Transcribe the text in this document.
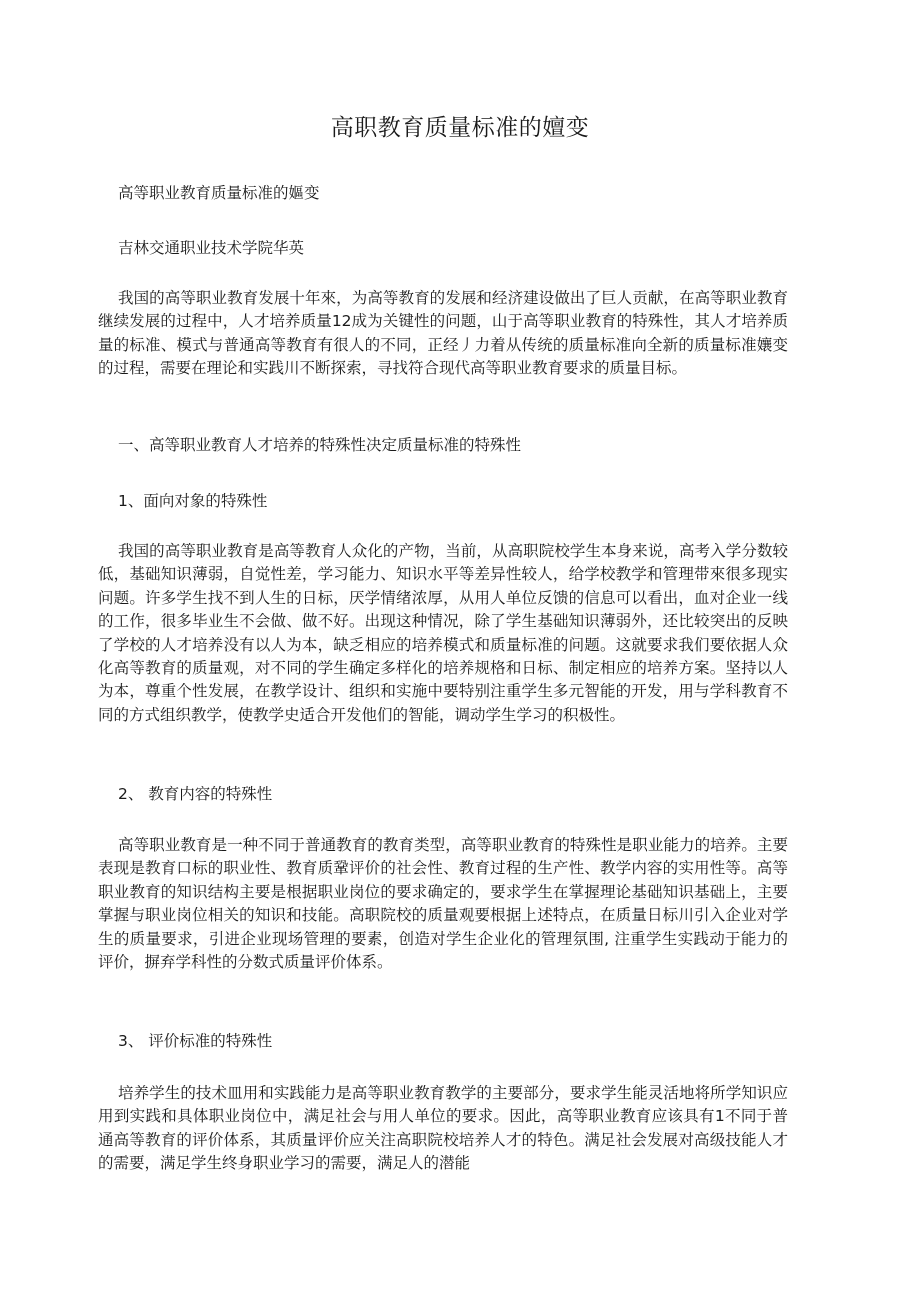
高职教育质量标准的嬗变

高等职业教育质量标准的嫗变

吉林交通职业技术学院华英

我国的高等职业教育发展十年來，为高等教育的发展和经济建设做出了巨人贡献，在高等职业教育继续发展的过程中，人才培养质量12成为关键性的问题，山于高等职业教育的特殊性，其人才培养质量的标准、模式与普通高等教育有很人的不同，正经丿力着从传统的质量标准向全新的质量标准孃变的过程，需要在理论和实践川不断探索，寻找符合现代高等职业教育要求的质量目标。

一、高等职业教育人才培养的特殊性决定质量标准的特殊性

1、面向对象的特殊性

我国的高等职业教育是高等教育人众化的产物，当前，从高职院校学生本身来说，高考入学分数较低，基础知识薄弱，自觉性差，学习能力、知识水平等差异性较人，给学校教学和管理带來很多现实问题。许多学生找不到人生的日标，厌学情绪浓厚，从用人单位反馈的信息可以看出，血对企业一线的工作，很多毕业生不会做、做不好。出现这种情况，除了学生基础知识薄弱外，还比较突出的反映了学校的人才培养没有以人为本，缺乏相应的培养模式和质量标准的问题。这就要求我们要依据人众化高等教育的质量观，对不同的学生确定多样化的培养规格和日标、制定相应的培养方案。坚持以人为本，尊重个性发展，在教学设计、组织和实施中要特别注重学生多元智能的开发，用与学科教育不同的方式组织教学，使教学史适合开发他们的智能，调动学生学习的积极性。

2、 教育内容的特殊性

高等职业教育是一种不同于普通教育的教育类型，高等职业教育的特殊性是职业能力的培养。主要表现是教育口标的职业性、教育质鞏评价的社会性、教育过程的生产性、教学内容的实用性等。高等职业教育的知识结构主要是根据职业岗位的要求确定的，要求学生在掌握理论基础知识基础上，主要掌握与职业岗位相关的知识和技能。高职院校的质量观要根据上述特点，在质量日标川引入企业对学生的质量要求，引进企业现场管理的要素，创造对学生企业化的管理氛围, 注重学生实践动于能力的评价，摒弃学科性的分数式质量评价体系。

3、 评价标准的特殊性

培养学生的技术皿用和实践能力是高等职业教育教学的主要部分，要求学生能灵活地将所学知识应用到实践和具体职业岗位中，满足社会与用人单位的要求。因此，高等职业教育应该具有1不同于普通高等教育的评价体系，其质量评价应关注高职院校培养人才的特色。满足社会发展对高级技能人才的需要，满足学生终身职业学习的需要，满足人的潜能
